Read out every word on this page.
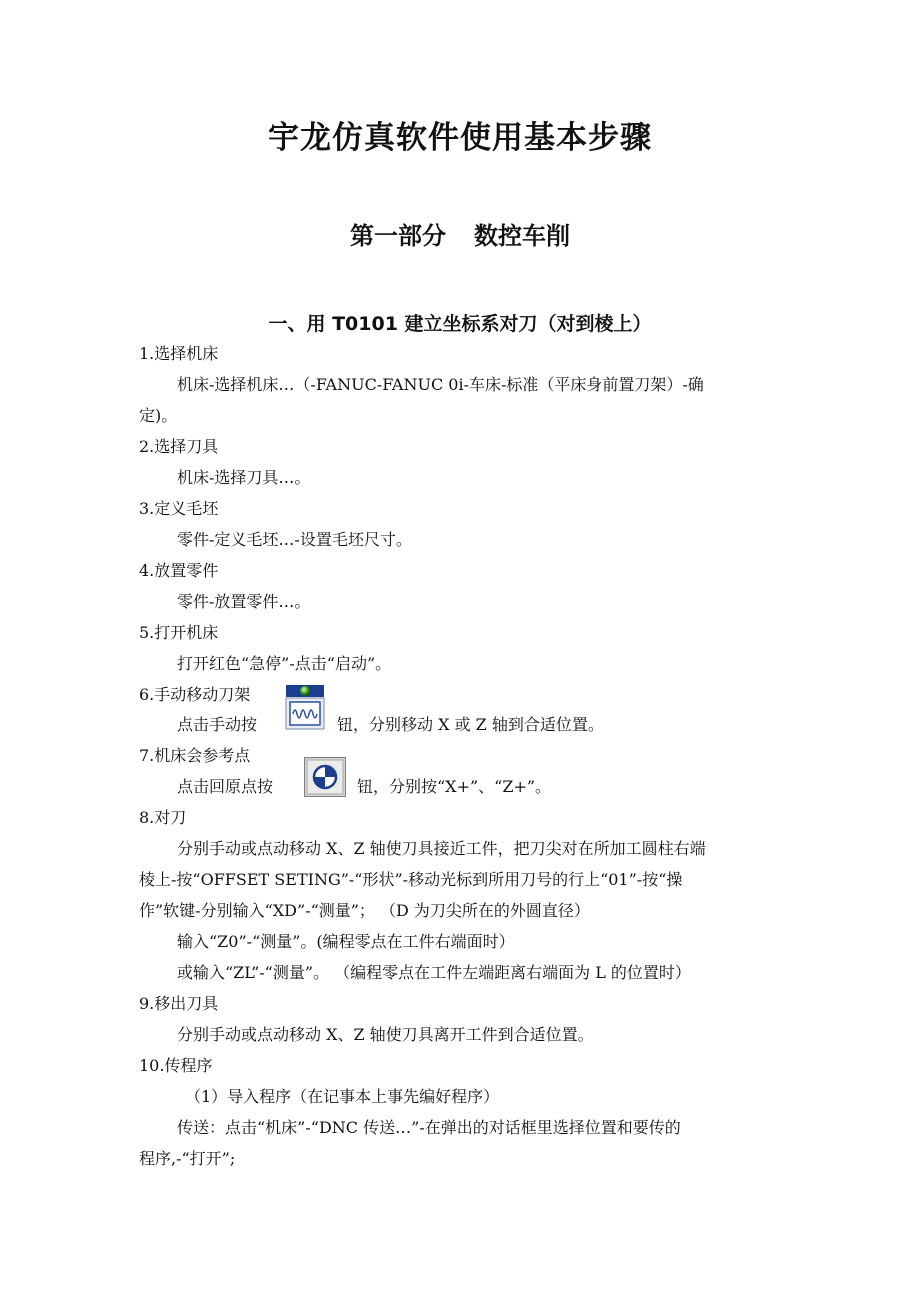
宇龙仿真软件使用基本步骤
第一部分 数控车削
一、用 T0101 建立坐标系对刀（对到棱上）
1.选择机床
机床-选择机床…（-FANUC-FANUC 0i-车床-标准（平床身前置刀架）-确
定)。
2.选择刀具
机床-选择刀具…。
3.定义毛坯
零件-定义毛坯…-设置毛坯尺寸。
4.放置零件
零件-放置零件…。
5.打开机床
打开红色“急停”-点击“启动”。
6.手动移动刀架
点击手动按	钮，分别移动 X 或 Z 轴到合适位置。
7.机床会参考点
点击回原点按	钮，分别按“X+”、“Z+”。
8.对刀
分别手动或点动移动 X、Z 轴使刀具接近工件，把刀尖对在所加工圆柱右端
棱上-按“OFFSET SETING”-“形状”-移动光标到所用刀号的行上“01”-按“操
作”软键-分别输入“XD”-“测量”； （D 为刀尖所在的外圆直径）
输入“Z0”-“测量”。(编程零点在工件右端面时）
或输入“ZL”-“测量”。 （编程零点在工件左端距离右端面为 L 的位置时）
9.移出刀具
分别手动或点动移动 X、Z 轴使刀具离开工件到合适位置。
10.传程序
（1）导入程序（在记事本上事先编好程序）
传送：点击“机床”-“DNC 传送…”-在弹出的对话框里选择位置和要传的
程序,-“打开”;
